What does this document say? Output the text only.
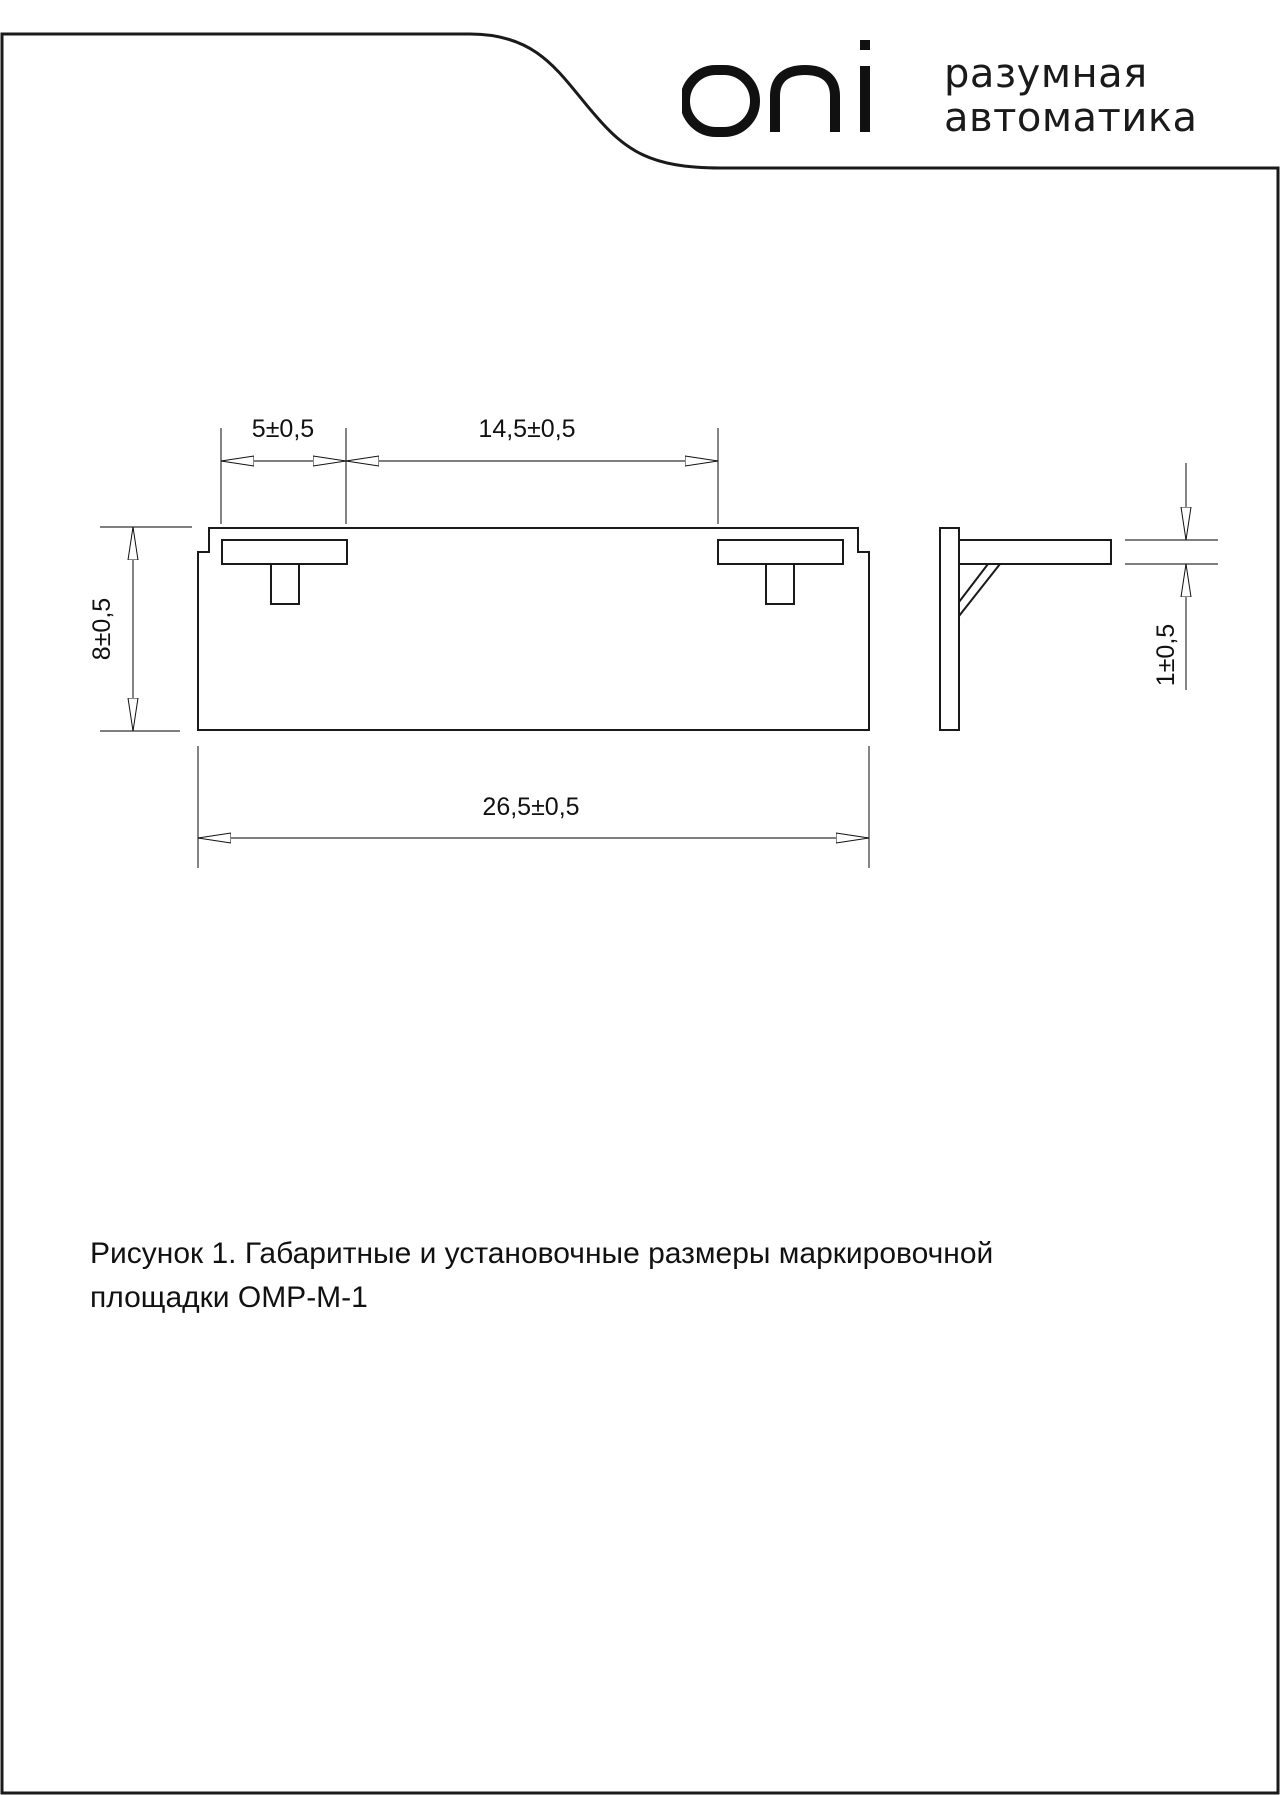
разумная
автоматика
5±0,5	14,5±0,5
8±0,5
26,5±0,5
1±0,5
Рисунок 1. Габаритные и установочные размеры маркировочной
площадки OMP-M-1
